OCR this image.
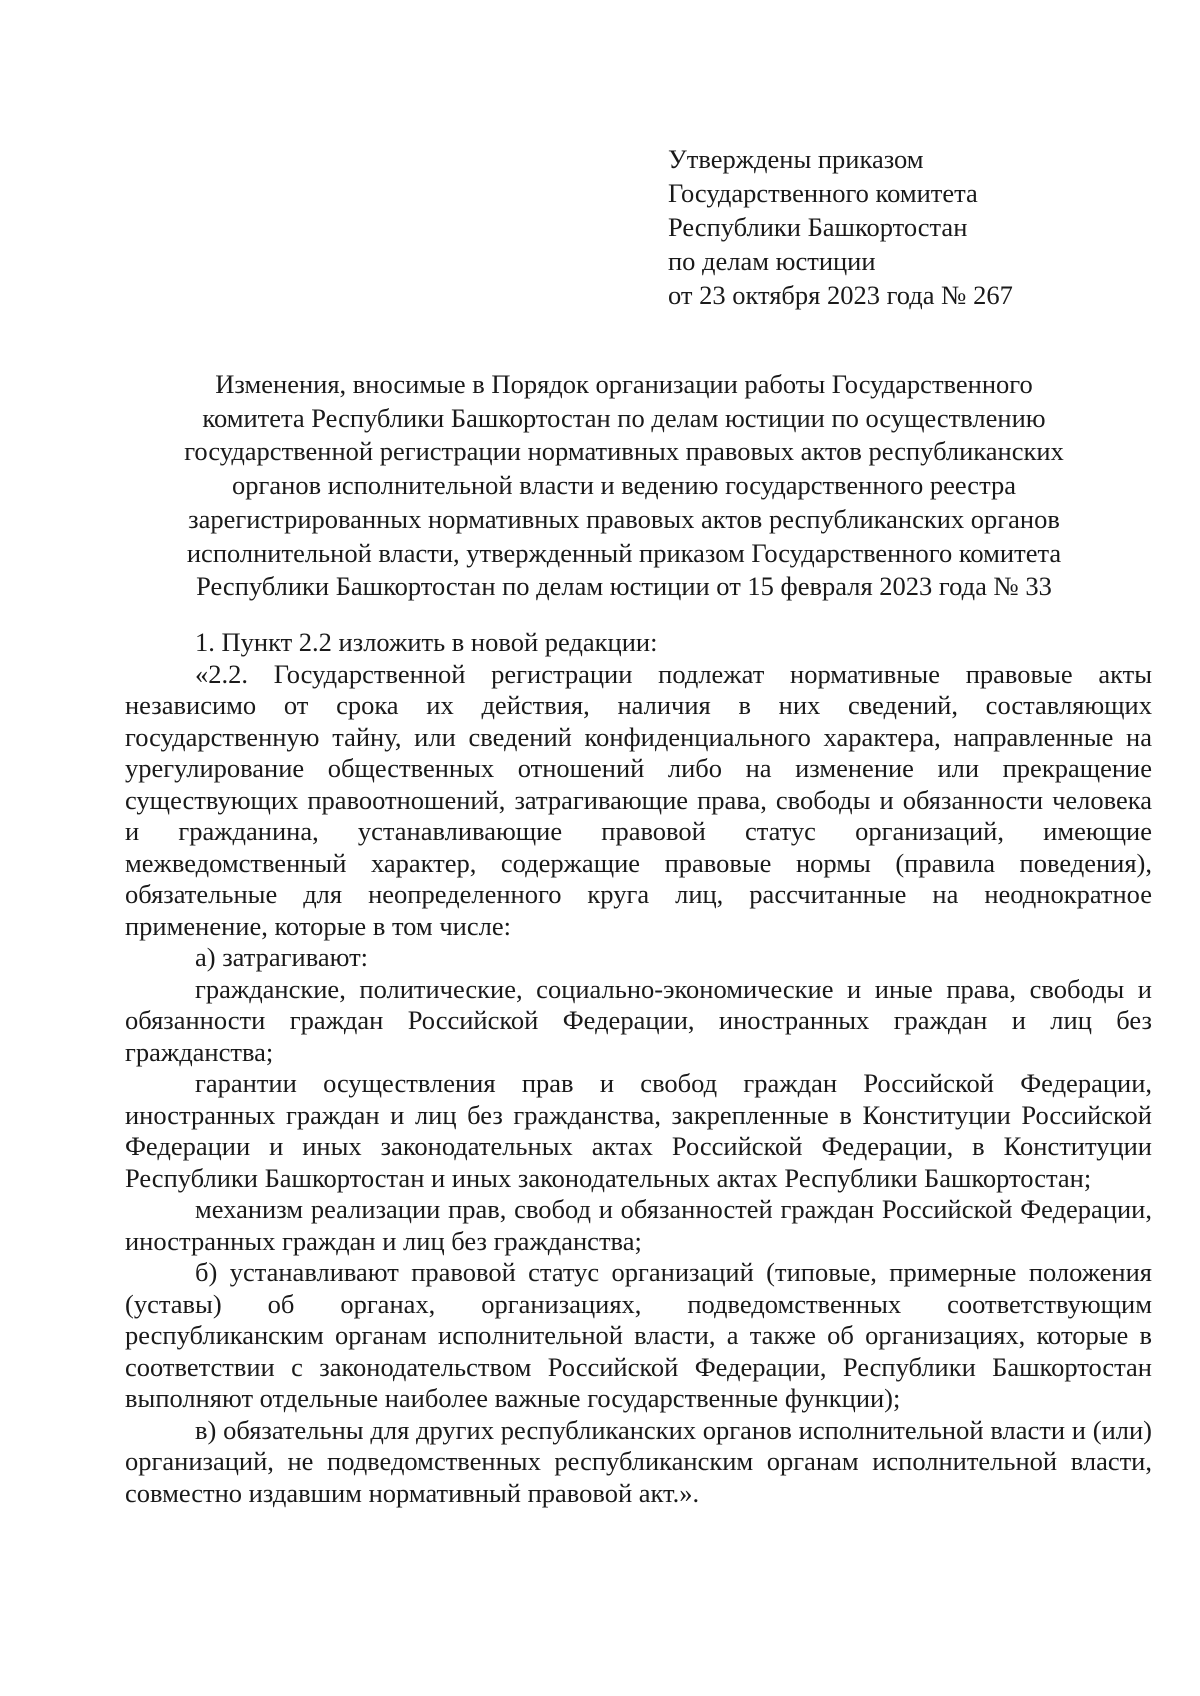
Утверждены приказом
Государственного комитета
Республики Башкортостан
по делам юстиции
от 23 октября 2023 года № 267
Изменения, вносимые в Порядок организации работы Государственного
комитета Республики Башкортостан по делам юстиции по осуществлению
государственной регистрации нормативных правовых актов республиканских
органов исполнительной власти и ведению государственного реестра
зарегистрированных нормативных правовых актов республиканских органов
исполнительной власти, утвержденный приказом Государственного комитета
Республики Башкортостан по делам юстиции от 15 февраля 2023 года № 33

1. Пункт 2.2 изложить в новой редакции:

«2.2. Государственной регистрации подлежат нормативные правовые акты независимо от срока их действия, наличия в них сведений, составляющих государственную тайну, или сведений конфиденциального характера, направленные на урегулирование общественных отношений либо на изменение или прекращение существующих правоотношений, затрагивающие права, свободы и обязанности человека и гражданина, устанавливающие правовой статус организаций, имеющие межведомственный характер, содержащие правовые нормы (правила поведения), обязательные для неопределенного круга лиц, рассчитанные на неоднократное применение, которые в том числе:

а) затрагивают:

гражданские, политические, социально-экономические и иные права, свободы и обязанности граждан Российской Федерации, иностранных граждан и лиц без гражданства;

гарантии осуществления прав и свобод граждан Российской Федерации, иностранных граждан и лиц без гражданства, закрепленные в Конституции Российской Федерации и иных законодательных актах Российской Федерации, в Конституции Республики Башкортостан и иных законодательных актах Республики Башкортостан;

механизм реализации прав, свобод и обязанностей граждан Российской Федерации, иностранных граждан и лиц без гражданства;

б) устанавливают правовой статус организаций (типовые, примерные положения (уставы) об органах, организациях, подведомственных соответствующим республиканским органам исполнительной власти, а также об организациях, которые в соответствии с законодательством Российской Федерации, Республики Башкортостан выполняют отдельные наиболее важные государственные функции);

в) обязательны для других республиканских органов исполнительной власти и (или) организаций, не подведомственных республиканским органам исполнительной власти, совместно издавшим нормативный правовой акт.».
